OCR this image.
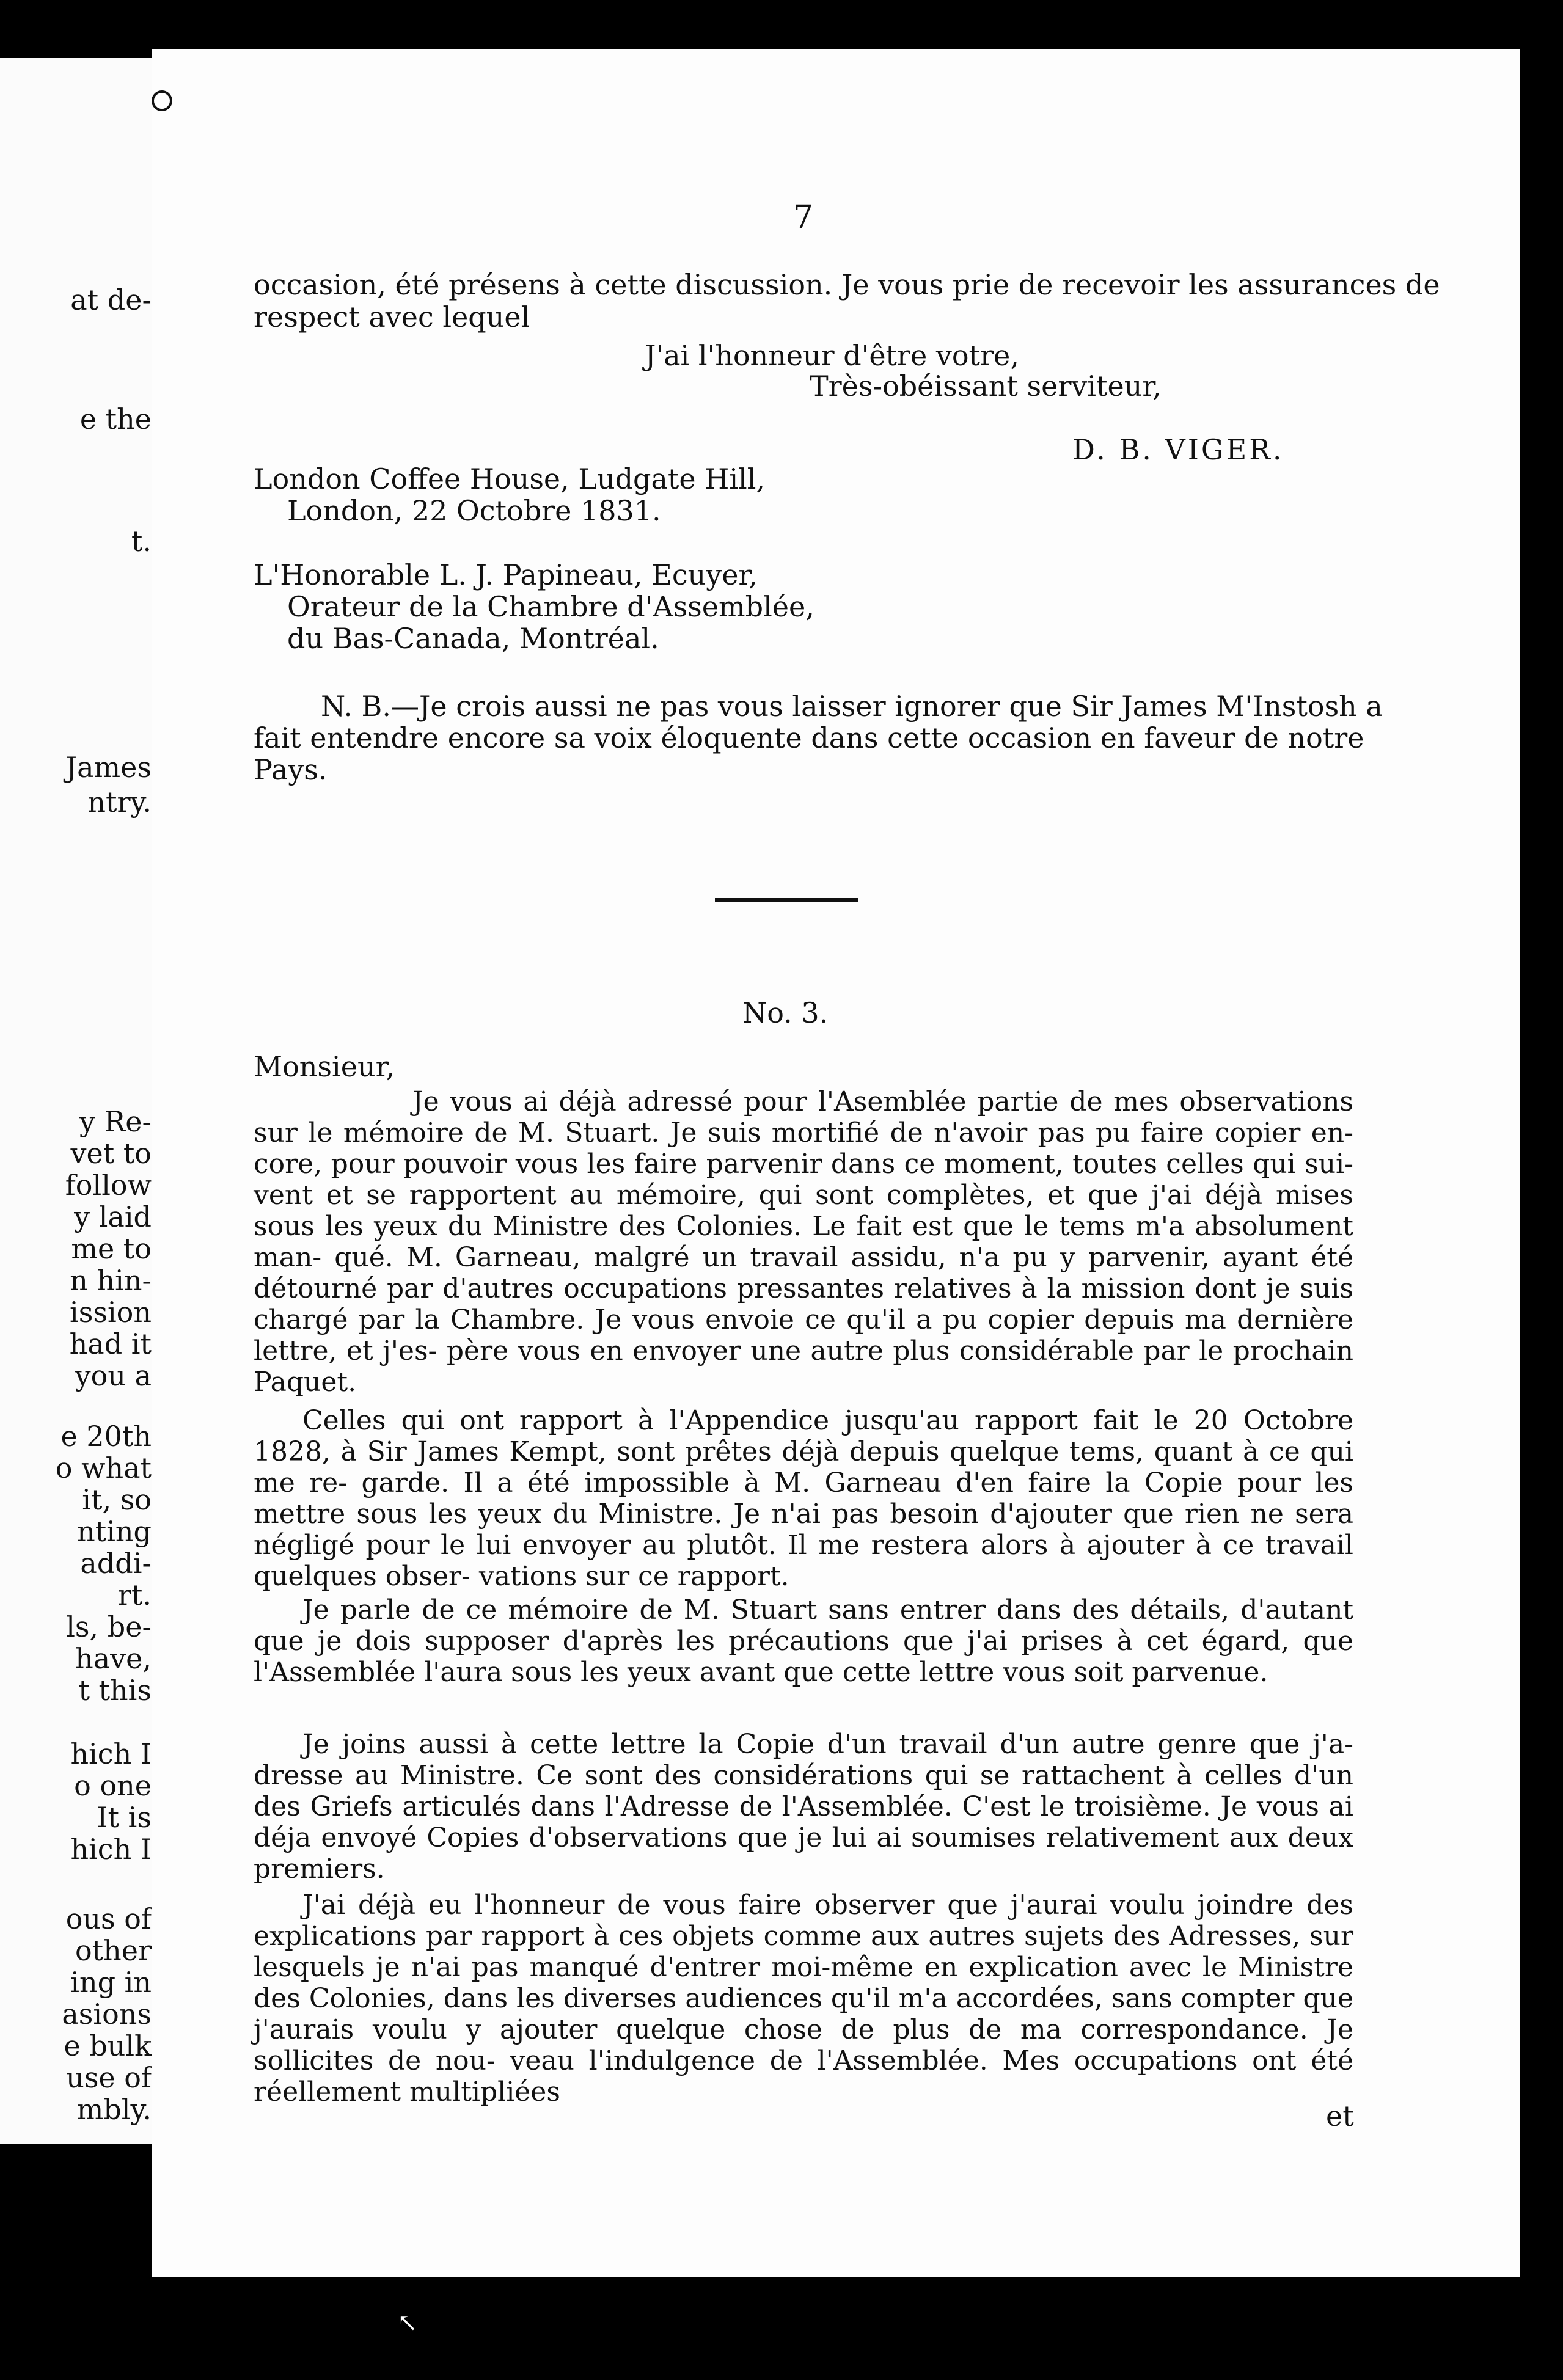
at de-
e the
t.
James
ntry.
y Re-
vet to
follow
y laid
me to
n hin-
ission
had it
you a
e 20th
o what
it, so
nting
addi-
rt.
ls, be-
have,
t this
hich I
o one
It is
hich I
ous of
other
ing in
asions
e bulk
use of
mbly.
7
occasion, été présens à cette discussion. Je vous prie de recevoir les assurances de
respect avec lequel
J'ai l'honneur d'être votre,
Très-obéissant serviteur,
D. B. VIGER.
London Coffee House, Ludgate Hill,
London, 22 Octobre 1831.
L'Honorable L. J. Papineau, Ecuyer,
Orateur de la Chambre d'Assemblée,
du Bas-Canada, Montréal.
N. B.—Je crois aussi ne pas vous laisser ignorer que Sir James M'Instosh a
fait entendre encore sa voix éloquente dans cette occasion en faveur de notre
Pays.
No. 3.
Monsieur,
Je vous ai déjà adressé pour l'Asemblée partie de mes observations sur le mémoire de M. Stuart. Je suis mortifié de n'avoir pas pu faire copier en- core, pour pouvoir vous les faire parvenir dans ce moment, toutes celles qui sui- vent et se rapportent au mémoire, qui sont complètes, et que j'ai déjà mises sous les yeux du Ministre des Colonies. Le fait est que le tems m'a absolument man- qué. M. Garneau, malgré un travail assidu, n'a pu y parvenir, ayant été détourné par d'autres occupations pressantes relatives à la mission dont je suis chargé par la Chambre. Je vous envoie ce qu'il a pu copier depuis ma dernière lettre, et j'es- père vous en envoyer une autre plus considérable par le prochain Paquet.
Celles qui ont rapport à l'Appendice jusqu'au rapport fait le 20 Octobre 1828, à Sir James Kempt, sont prêtes déjà depuis quelque tems, quant à ce qui me re- garde. Il a été impossible à M. Garneau d'en faire la Copie pour les mettre sous les yeux du Ministre. Je n'ai pas besoin d'ajouter que rien ne sera négligé pour le lui envoyer au plutôt. Il me restera alors à ajouter à ce travail quelques obser- vations sur ce rapport.
Je parle de ce mémoire de M. Stuart sans entrer dans des détails, d'autant que je dois supposer d'après les précautions que j'ai prises à cet égard, que l'Assemblée l'aura sous les yeux avant que cette lettre vous soit parvenue.
Je joins aussi à cette lettre la Copie d'un travail d'un autre genre que j'a- dresse au Ministre. Ce sont des considérations qui se rattachent à celles d'un des Griefs articulés dans l'Adresse de l'Assemblée. C'est le troisième. Je vous ai déja envoyé Copies d'observations que je lui ai soumises relativement aux deux premiers.
J'ai déjà eu l'honneur de vous faire observer que j'aurai voulu joindre des explications par rapport à ces objets comme aux autres sujets des Adresses, sur lesquels je n'ai pas manqué d'entrer moi-même en explication avec le Ministre des Colonies, dans les diverses audiences qu'il m'a accordées, sans compter que j'aurais voulu y ajouter quelque chose de plus de ma correspondance. Je sollicites de nou- veau l'indulgence de l'Assemblée. Mes occupations ont été réellement multipliées
et
↖
